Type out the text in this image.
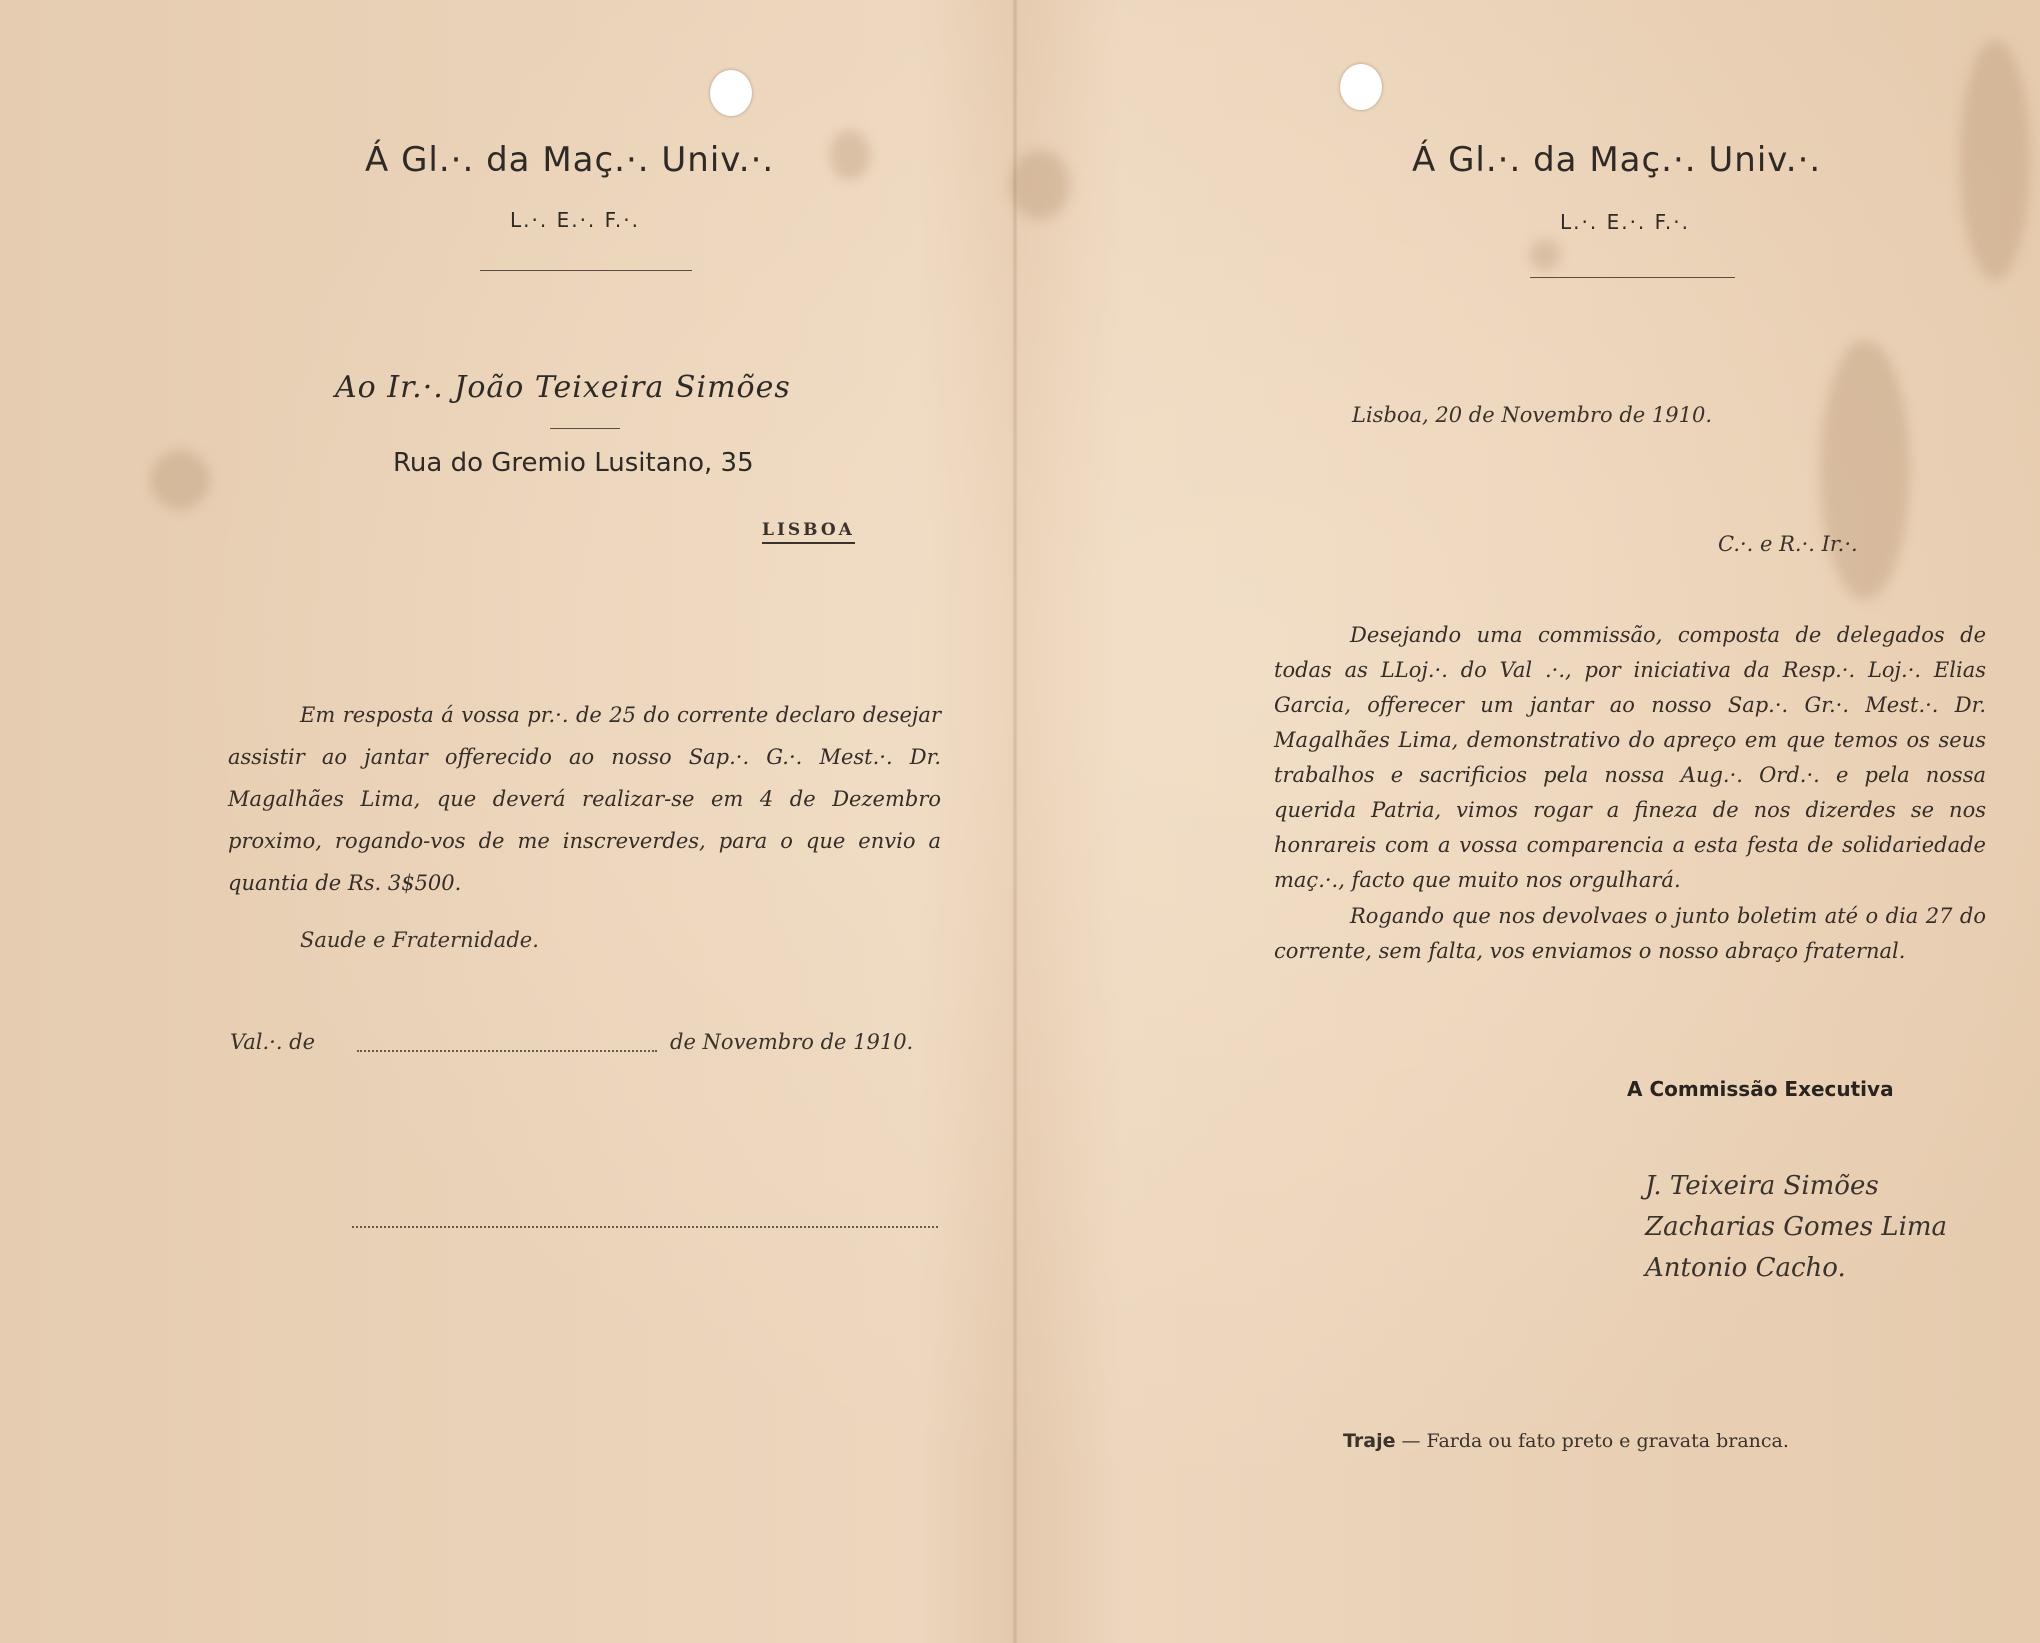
Á Gl.·. da Maç.·. Univ.·.
L.·. E.·. F.·.
Ao Ir.·. João Teixeira Simões
Rua do Gremio Lusitano, 35
LISBOA
Em resposta á vossa pr.·. de 25 do corrente declaro desejar assistir ao jantar offerecido ao nosso Sap.·. G.·. Mest.·. Dr. Magalhães Lima, que deverá realizar-se em 4 de Dezembro proximo, rogando-vos de me inscreverdes, para o que envio a quantia de Rs. 3$500.
Saude e Fraternidade.
Val.·. de	de Novembro de 1910.
Á Gl.·. da Maç.·. Univ.·.
L.·. E.·. F.·.
Lisboa, 20 de Novembro de 1910.
C.·. e R.·. Ir.·.
Desejando uma commissão, composta de delegados de todas as LLoj.·. do Val .·., por iniciativa da Resp.·. Loj.·. Elias Garcia, offerecer um jantar ao nosso Sap.·. Gr.·. Mest.·. Dr. Magalhães Lima, demonstrativo do apreço em que temos os seus trabalhos e sacrificios pela nossa Aug.·. Ord.·. e pela nossa querida Patria, vimos rogar a fineza de nos dizerdes se nos honrareis com a vossa comparencia a esta festa de solidariedade maç.·., facto que muito nos orgulhará.
Rogando que nos devolvaes o junto boletim até o dia 27 do corrente, sem falta, vos enviamos o nosso abraço fraternal.
A Commissão Executiva
J. Teixeira Simões
Zacharias Gomes Lima
Antonio Cacho.
Traje — Farda ou fato preto e gravata branca.
